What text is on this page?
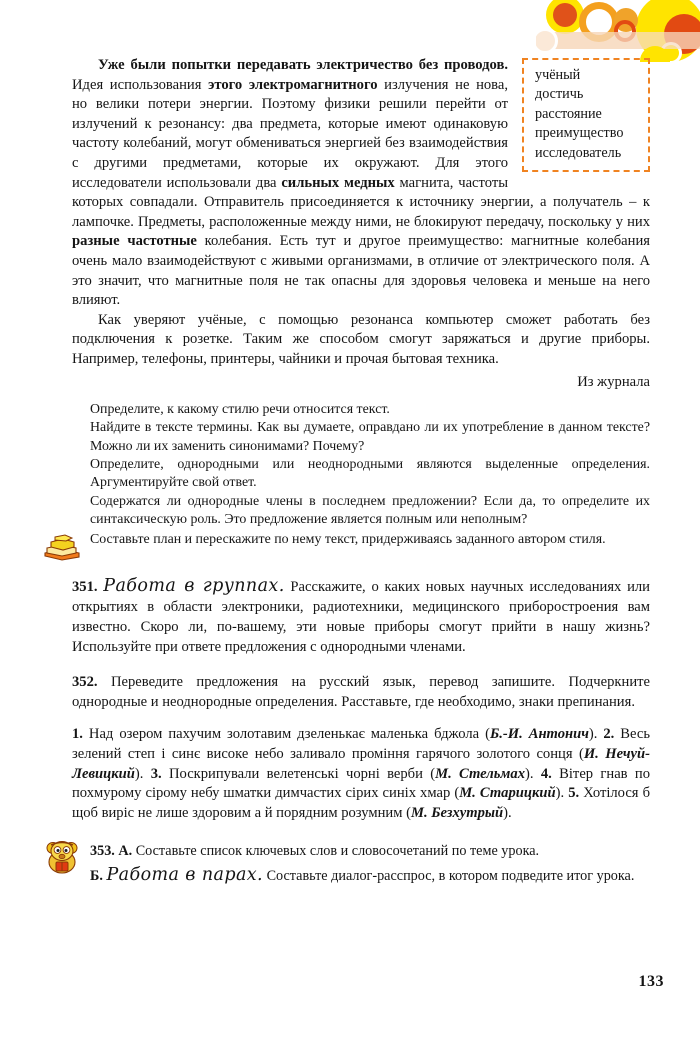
учёный
достичь
расстояние
преимущество
исследователь

Уже были попытки передавать электричество без проводов. Идея использования этого электромагнитного излучения не нова, но велики потери энергии. Поэтому физики решили перейти от излучений к резонансу: два предмета, которые имеют одинаковую частоту колебаний, могут обмениваться энергией без взаимодействия с другими предметами, которые их окружают. Для этого исследователи использовали два сильных медных магнита, частоты которых совпадали. Отправитель присоединяется к источнику энергии, а получатель – к лампочке. Предметы, расположенные между ними, не блокируют передачу, поскольку у них разные частотные колебания. Есть тут и другое преимущество: магнитные колебания очень мало взаимодействуют с живыми организмами, в отличие от электрического поля. А это значит, что магнитные поля не так опасны для здоровья человека и меньше на него влияют.

Как уверяют учёные, с помощью резонанса компьютер сможет работать без подключения к розетке. Таким же способом смогут заряжаться и другие приборы. Например, телефоны, принтеры, чайники и прочая бытовая техника.

Из журнала

Определите, к какому стилю речи относится текст.

Найдите в тексте термины. Как вы думаете, оправдано ли их употребление в данном тексте? Можно ли их заменить синонимами? Почему?

Определите, однородными или неоднородными являются выделенные определения. Аргументируйте свой ответ.

Содержатся ли однородные члены в последнем предложении? Если да, то определите их синтаксическую роль. Это предложение является полным или неполным?

Составьте план и перескажите по нему текст, придерживаясь заданного автором стиля.

351. Работа в группах. Расскажите, о каких новых научных исследованиях или открытиях в области электроники, радиотехники, медицинского приборостроения вам известно. Скоро ли, по-вашему, эти новые приборы смогут прийти в нашу жизнь? Используйте при ответе предложения с однородными членами.

352. Переведите предложения на русский язык, перевод запишите. Подчеркните однородные и неоднородные определения. Расставьте, где необходимо, знаки препинания.

1. Над озером пахучим золотавим дзеленькає маленька бджола (Б.-И. Антонич). 2. Весь зелений степ і синє високе небо заливало проміння гарячого золотого сонця (И. Нечуй-Левицкий). 3. Поскрипували велетенські чорні верби (М. Стельмах). 4. Вітер гнав по похмурому сірому небу шматки димчастих сірих синіх хмар (М. Старицкий). 5. Хотілося б щоб виріс не лише здоровим а й порядним розумним (М. Безхутрый).

353. А. Составьте список ключевых слов и словосочетаний по теме урока.

Б. Работа в парах. Составьте диалог-расспрос, в котором подведите итог урока.

133
